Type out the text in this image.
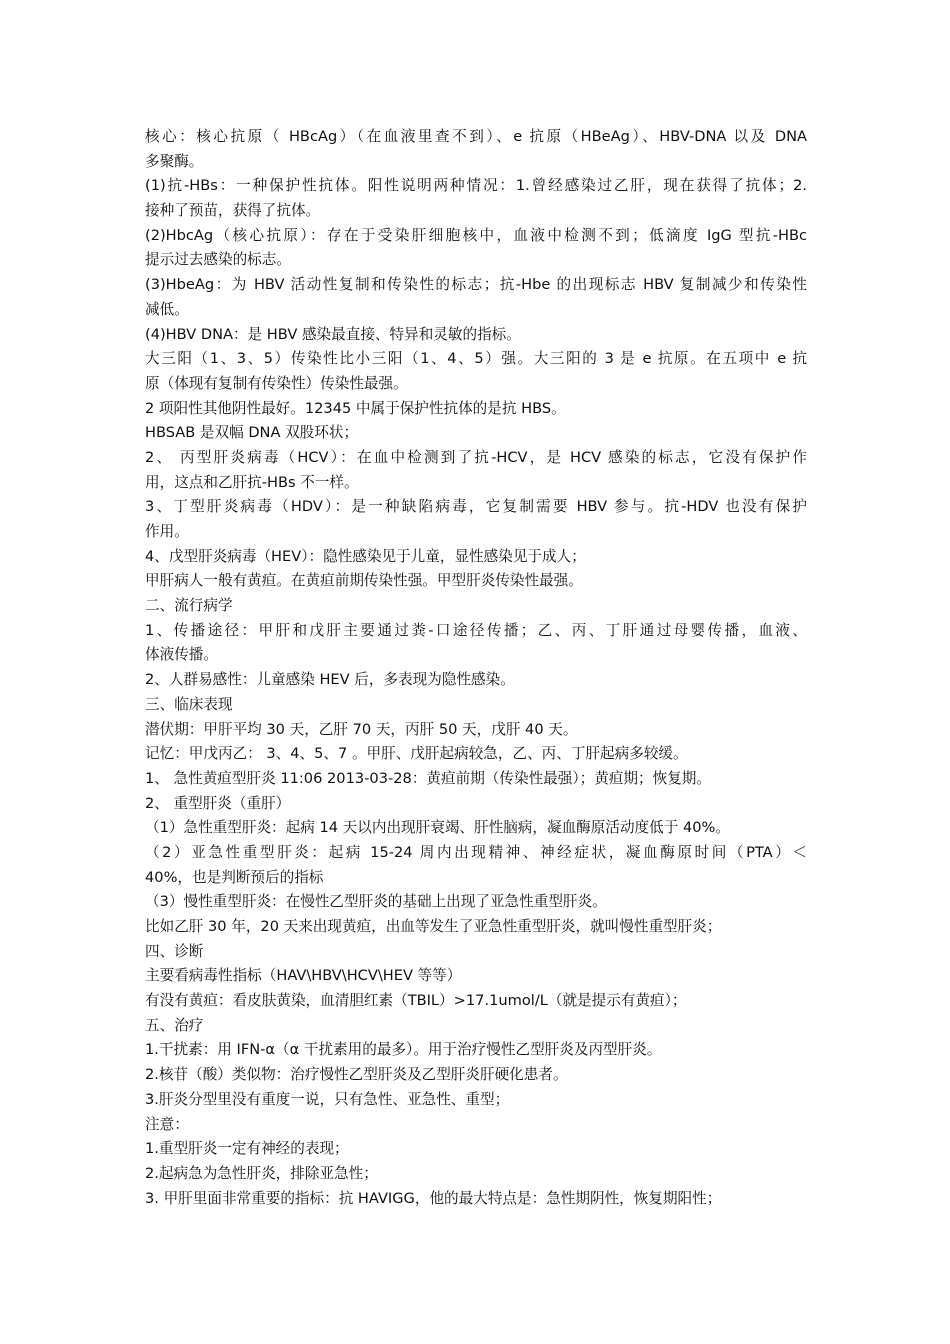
核心：核心抗原（ HBcAg）（在血液里查不到）、e 抗原（HBeAg）、HBV-DNA 以及 DNA
多聚酶。
(1)抗-HBs：一种保护性抗体。阳性说明两种情况：1.曾经感染过乙肝，现在获得了抗体；2.
接种了预苗，获得了抗体。
(2)HbcAg（核心抗原）：存在于受染肝细胞核中，血液中检测不到；低滴度 IgG 型抗-HBc
提示过去感染的标志。
(3)HbeAg：为 HBV 活动性复制和传染性的标志；抗-Hbe 的出现标志 HBV 复制减少和传染性
减低。
(4)HBV DNA：是 HBV 感染最直接、特异和灵敏的指标。
大三阳（1、3、5）传染性比小三阳（1、4、5）强。大三阳的 3 是 e 抗原。在五项中 e 抗
原（体现有复制有传染性）传染性最强。
2 项阳性其他阴性最好。12345 中属于保护性抗体的是抗 HBS。
HBSAB 是双幅 DNA 双股环状；
2、 丙型肝炎病毒（HCV）：在血中检测到了抗-HCV，是 HCV 感染的标志，它没有保护作
用，这点和乙肝抗-HBs 不一样。
3、丁型肝炎病毒（HDV）：是一种缺陷病毒，它复制需要 HBV 参与。抗-HDV 也没有保护
作用。
4、戊型肝炎病毒（HEV）：隐性感染见于儿童，显性感染见于成人；
甲肝病人一般有黄疸。在黄疸前期传染性强。甲型肝炎传染性最强。
二、流行病学
1、传播途径：甲肝和戊肝主要通过粪-口途径传播；乙、丙、丁肝通过母婴传播，血液、
体液传播。
2、人群易感性：儿童感染 HEV 后，多表现为隐性感染。
三、临床表现
潜伏期：甲肝平均 30 天，乙肝 70 天，丙肝 50 天，戊肝 40 天。
记忆：甲戊丙乙： 3、4、5、7 。甲肝、戊肝起病较急，乙、丙、丁肝起病多较缓。
1、 急性黄疸型肝炎 11:06 2013-03-28：黄疸前期（传染性最强）；黄疸期；恢复期。
2、 重型肝炎（重肝）
（1）急性重型肝炎：起病 14 天以内出现肝衰竭、肝性脑病，凝血酶原活动度低于 40%。
（2）亚急性重型肝炎：起病 15-24 周内出现精神、神经症状，凝血酶原时间（PTA）＜
40%，也是判断预后的指标
（3）慢性重型肝炎：在慢性乙型肝炎的基础上出现了亚急性重型肝炎。
比如乙肝 30 年，20 天来出现黄疸，出血等发生了亚急性重型肝炎，就叫慢性重型肝炎；
四、诊断
主要看病毒性指标（HAV\HBV\HCV\HEV 等等）
有没有黄疸：看皮肤黄染，血清胆红素（TBIL）>17.1umol/L（就是提示有黄疸）；
五、治疗
1.干扰素：用 IFN-α（α 干扰素用的最多）。用于治疗慢性乙型肝炎及丙型肝炎。
2.核苷（酸）类似物：治疗慢性乙型肝炎及乙型肝炎肝硬化患者。
3.肝炎分型里没有重度一说，只有急性、亚急性、重型；
注意：
1.重型肝炎一定有神经的表现；
2.起病急为急性肝炎，排除亚急性；
3. 甲肝里面非常重要的指标：抗 HAVIGG，他的最大特点是：急性期阴性，恢复期阳性；
